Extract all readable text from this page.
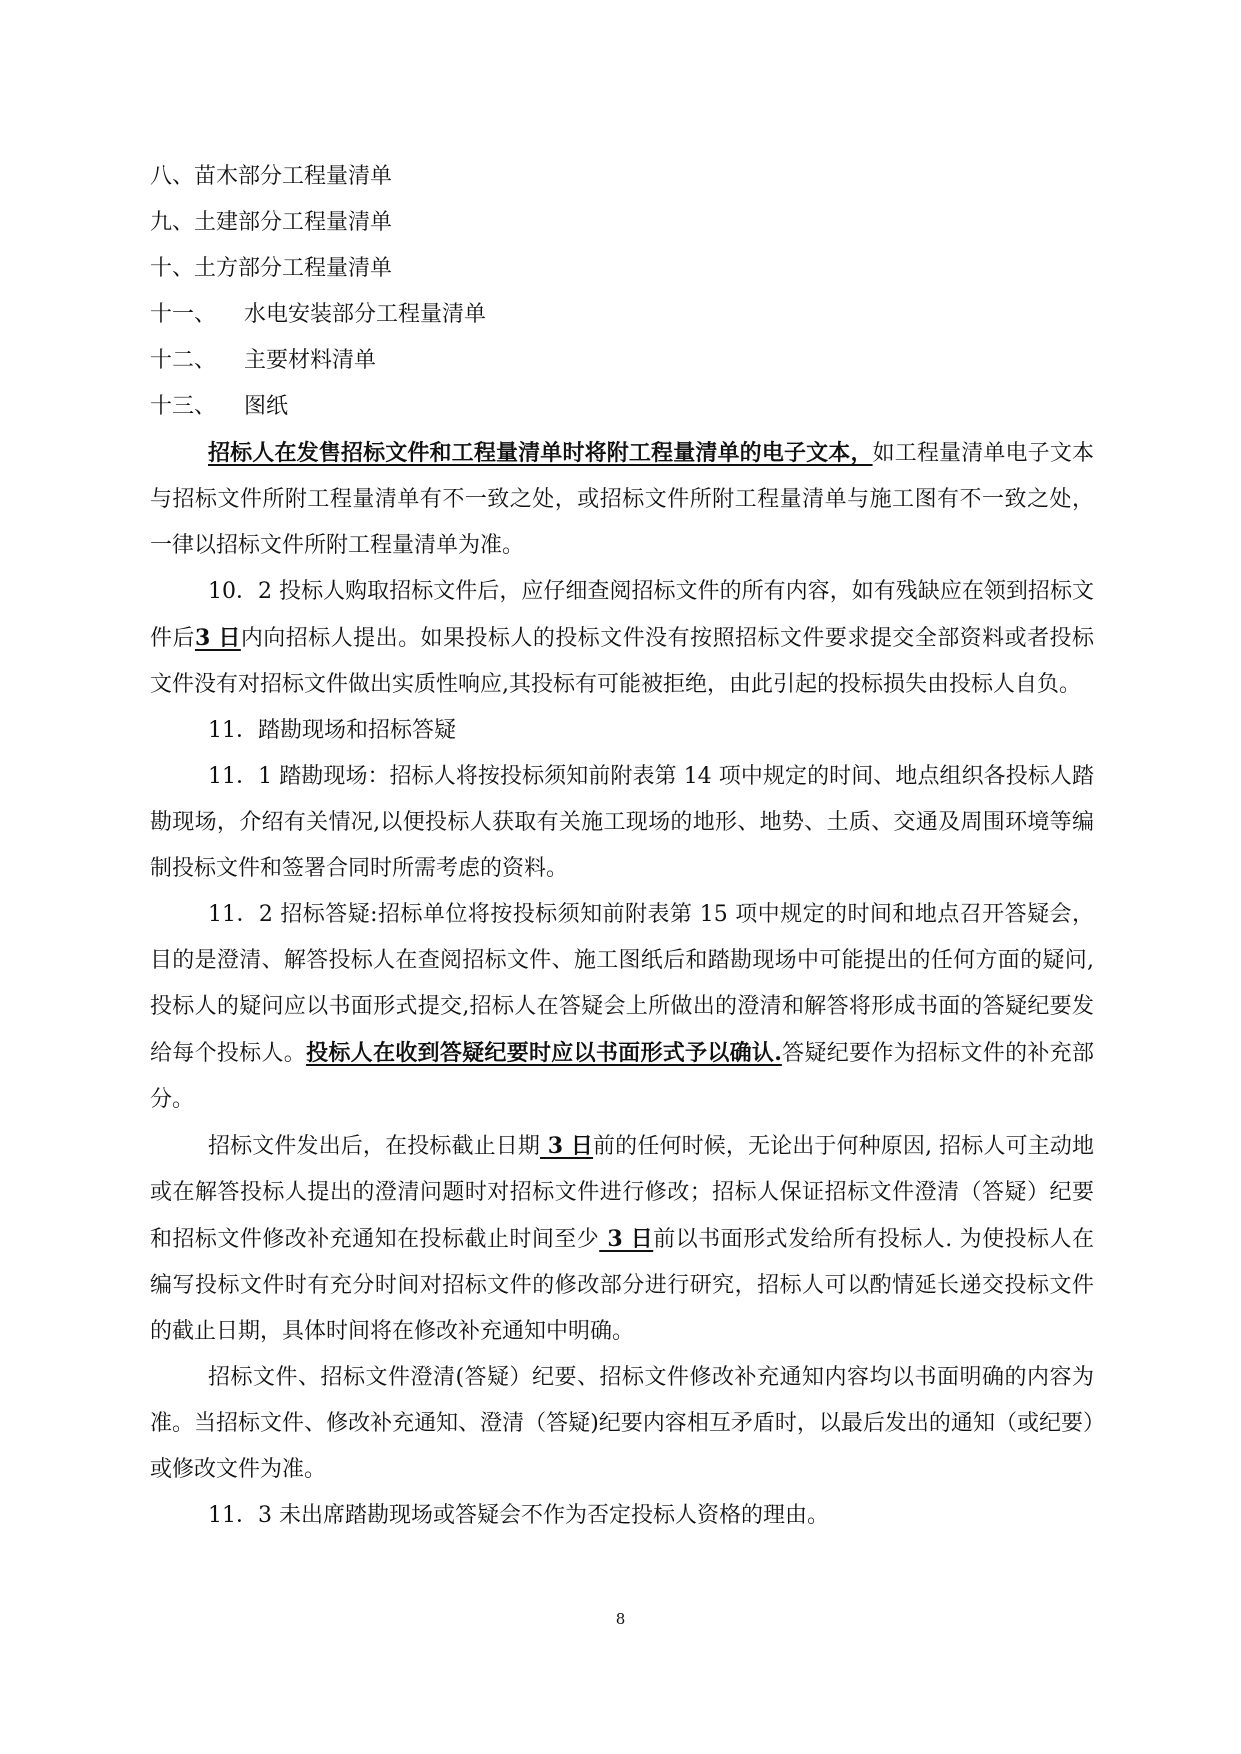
八、苗木部分工程量清单
九、土建部分工程量清单
十、土方部分工程量清单
十一、 水电安装部分工程量清单
十二、 主要材料清单
十三、 图纸

招标人在发售招标文件和工程量清单时将附工程量清单的电子文本，如工程量清单电子文本与招标文件所附工程量清单有不一致之处，或招标文件所附工程量清单与施工图有不一致之处，一律以招标文件所附工程量清单为准。

10．2 投标人购取招标文件后，应仔细查阅招标文件的所有内容，如有残缺应在领到招标文件后3 日内向招标人提出。如果投标人的投标文件没有按照招标文件要求提交全部资料或者投标文件没有对招标文件做出实质性响应,其投标有可能被拒绝，由此引起的投标损失由投标人自负。

11．踏勘现场和招标答疑

11．1 踏勘现场：招标人将按投标须知前附表第 14 项中规定的时间、地点组织各投标人踏勘现场，介绍有关情况,以便投标人获取有关施工现场的地形、地势、土质、交通及周围环境等编制投标文件和签署合同时所需考虑的资料。

11．2 招标答疑:招标单位将按投标须知前附表第 15 项中规定的时间和地点召开答疑会，目的是澄清、解答投标人在查阅招标文件、施工图纸后和踏勘现场中可能提出的任何方面的疑问,投标人的疑问应以书面形式提交,招标人在答疑会上所做出的澄清和解答将形成书面的答疑纪要发给每个投标人。投标人在收到答疑纪要时应以书面形式予以确认.答疑纪要作为招标文件的补充部分。

招标文件发出后，在投标截止日期 3 日前的任何时候，无论出于何种原因, 招标人可主动地或在解答投标人提出的澄清问题时对招标文件进行修改；招标人保证招标文件澄清（答疑）纪要和招标文件修改补充通知在投标截止时间至少 3 日前以书面形式发给所有投标人. 为使投标人在编写投标文件时有充分时间对招标文件的修改部分进行研究，招标人可以酌情延长递交投标文件的截止日期，具体时间将在修改补充通知中明确。

招标文件、招标文件澄清(答疑）纪要、招标文件修改补充通知内容均以书面明确的内容为准。当招标文件、修改补充通知、澄清（答疑)纪要内容相互矛盾时，以最后发出的通知（或纪要）或修改文件为准。

11．3 未出席踏勘现场或答疑会不作为否定投标人资格的理由。

8
